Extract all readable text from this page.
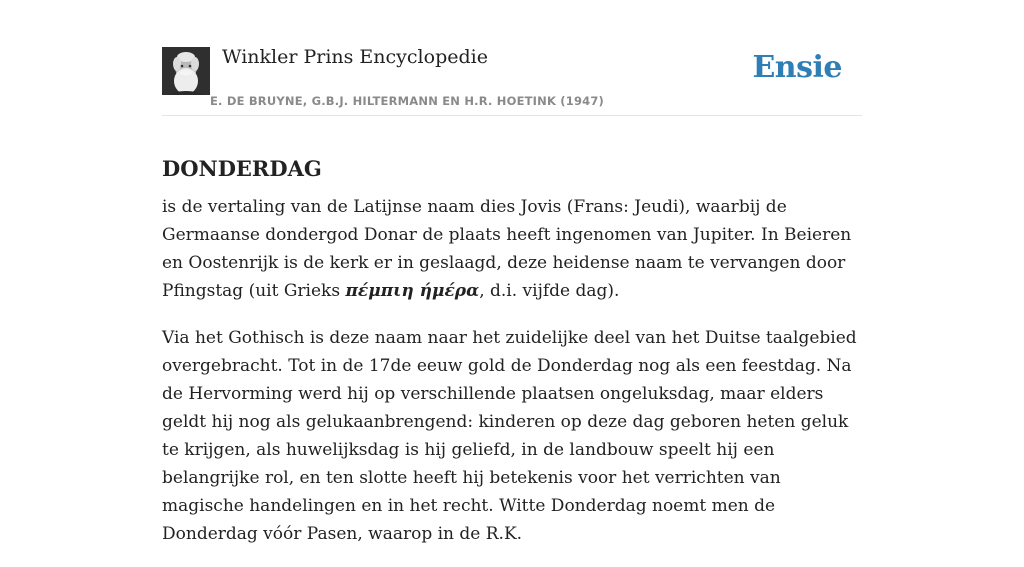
Winkler Prins Encyclopedie
E. DE BRUYNE, G.B.J. HILTERMANN EN H.R. HOETINK (1947)
Ensie
DONDERDAG

is de vertaling van de Latijnse naam dies Jovis (Frans: Jeudi), waarbij de Germaanse dondergod Donar de plaats heeft ingenomen van Jupiter. In Beieren en Oostenrijk is de kerk er in geslaagd, deze heidense naam te vervangen door Pfingstag (uit Grieks πέμπιη ήμέρα, d.i. vijfde dag).

Via het Gothisch is deze naam naar het zuidelijke deel van het Duitse taalgebied overgebracht. Tot in de 17de eeuw gold de Donderdag nog als een feestdag. Na de Hervorming werd hij op verschillende plaatsen ongeluksdag, maar elders geldt hij nog als gelukaanbrengend: kinderen op deze dag geboren heten geluk te krijgen, als huwelijksdag is hij geliefd, in de landbouw speelt hij een belangrijke rol, en ten slotte heeft hij betekenis voor het verrichten van magische handelingen en in het recht. Witte Donderdag noemt men de Donderdag vóór Pasen, waarop in de R.K.
